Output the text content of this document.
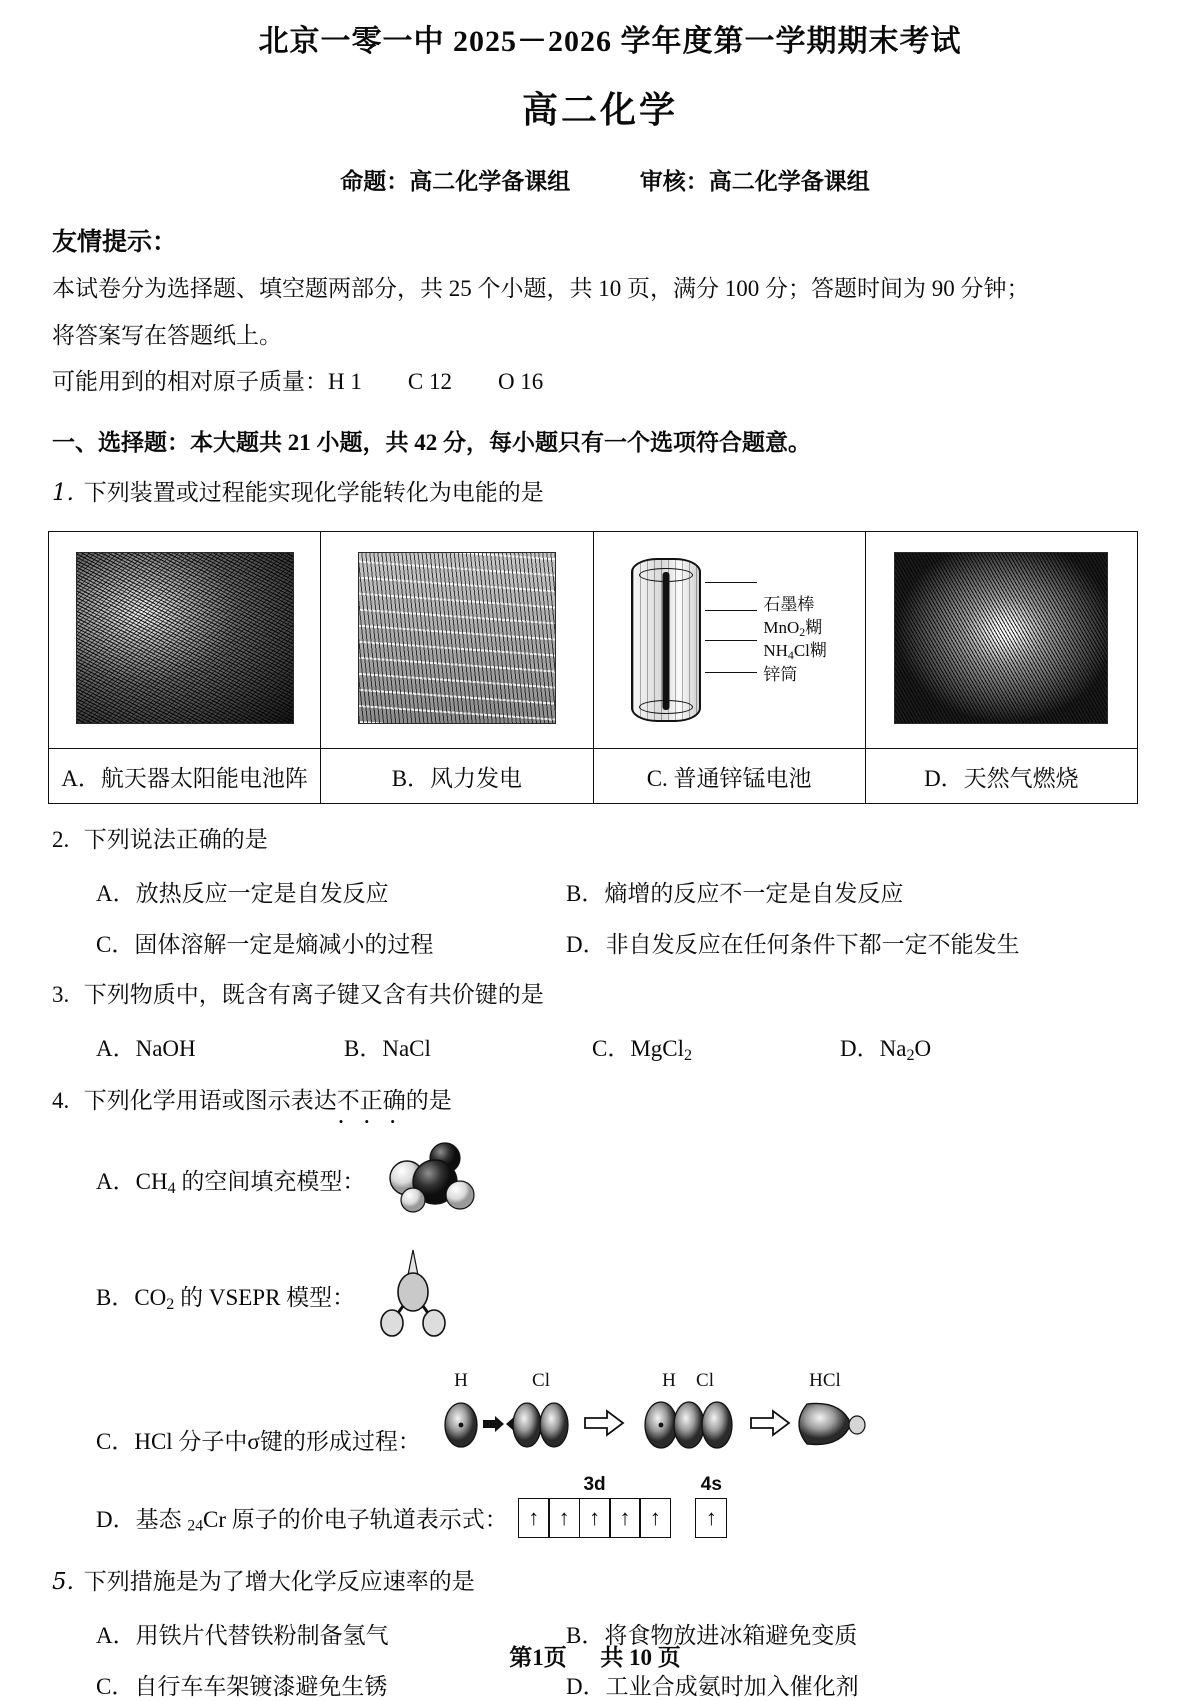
北京一零一中 2025－2026 学年度第一学期期末考试
高二化学
命题：高二化学备课组	审核：高二化学备课组
友情提示：
本试卷分为选择题、填空题两部分，共 25 个小题，共 10 页，满分 100 分；答题时间为 90 分钟；
将答案写在答题纸上。
可能用到的相对原子质量：H 1　　C 12　　O 16
一、选择题：本大题共 21 小题，共 42 分，每小题只有一个选项符合题意。
1. 下列装置或过程能实现化学能转化为电能的是

		石墨棒
MnO$_2$糊
$NH_4Cl$糊
锌筒	

A．航天器太阳能电池阵	B．风力发电	C. 普通锌锰电池	D．天然气燃烧
2. 下列说法正确的是
A．放热反应一定是自发反应	B．熵增的反应不一定是自发反应
C．固体溶解一定是熵减小的过程	D．非自发反应在任何条件下都一定不能发生
3. 下列物质中，既含有离子键又含有共价键的是
A．NaOH	B．NaCl	C．MgCl$_2$	D．$Na_2O$
4. 下列化学用语或图示表达不正确 • • •的是
A．$CH_4$ 的空间填充模型：
B．$CO_2$ 的 VSEPR 模型：
C．HCl 分子中σ键的形成过程：
H	Cl	H Cl	HCl
D．基态 24Cr 原子的价电子轨道表示式：
3d
↑ ↑ ↑ ↑ ↑
4s
↑
5. 下列措施是为了增大化学反应速率的是
A．用铁片代替铁粉制备氢气	B．将食物放进冰箱避免变质
C．自行车车架镀漆避免生锈	D．工业合成氨时加入催化剂
第1页 共 10 页
